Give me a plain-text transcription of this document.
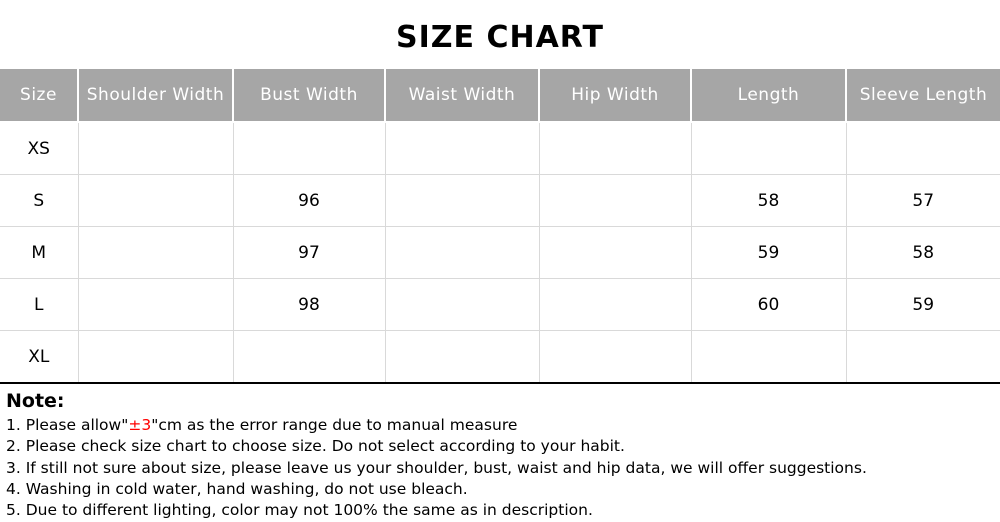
SIZE CHART
Size	Shoulder Width	Bust Width	Waist Width	Hip Width	Length	Sleeve Length
XS						
S		96			58	57
M		97			59	58
L		98			60	59
XL						
Note:
1. Please allow"±3"cm as the error range due to manual measure
2. Please check size chart to choose size. Do not select according to your habit.
3. If still not sure about size, please leave us your shoulder, bust, waist and hip data, we will offer suggestions.
4. Washing in cold water, hand washing, do not use bleach.
5. Due to different lighting, color may not 100% the same as in description.
